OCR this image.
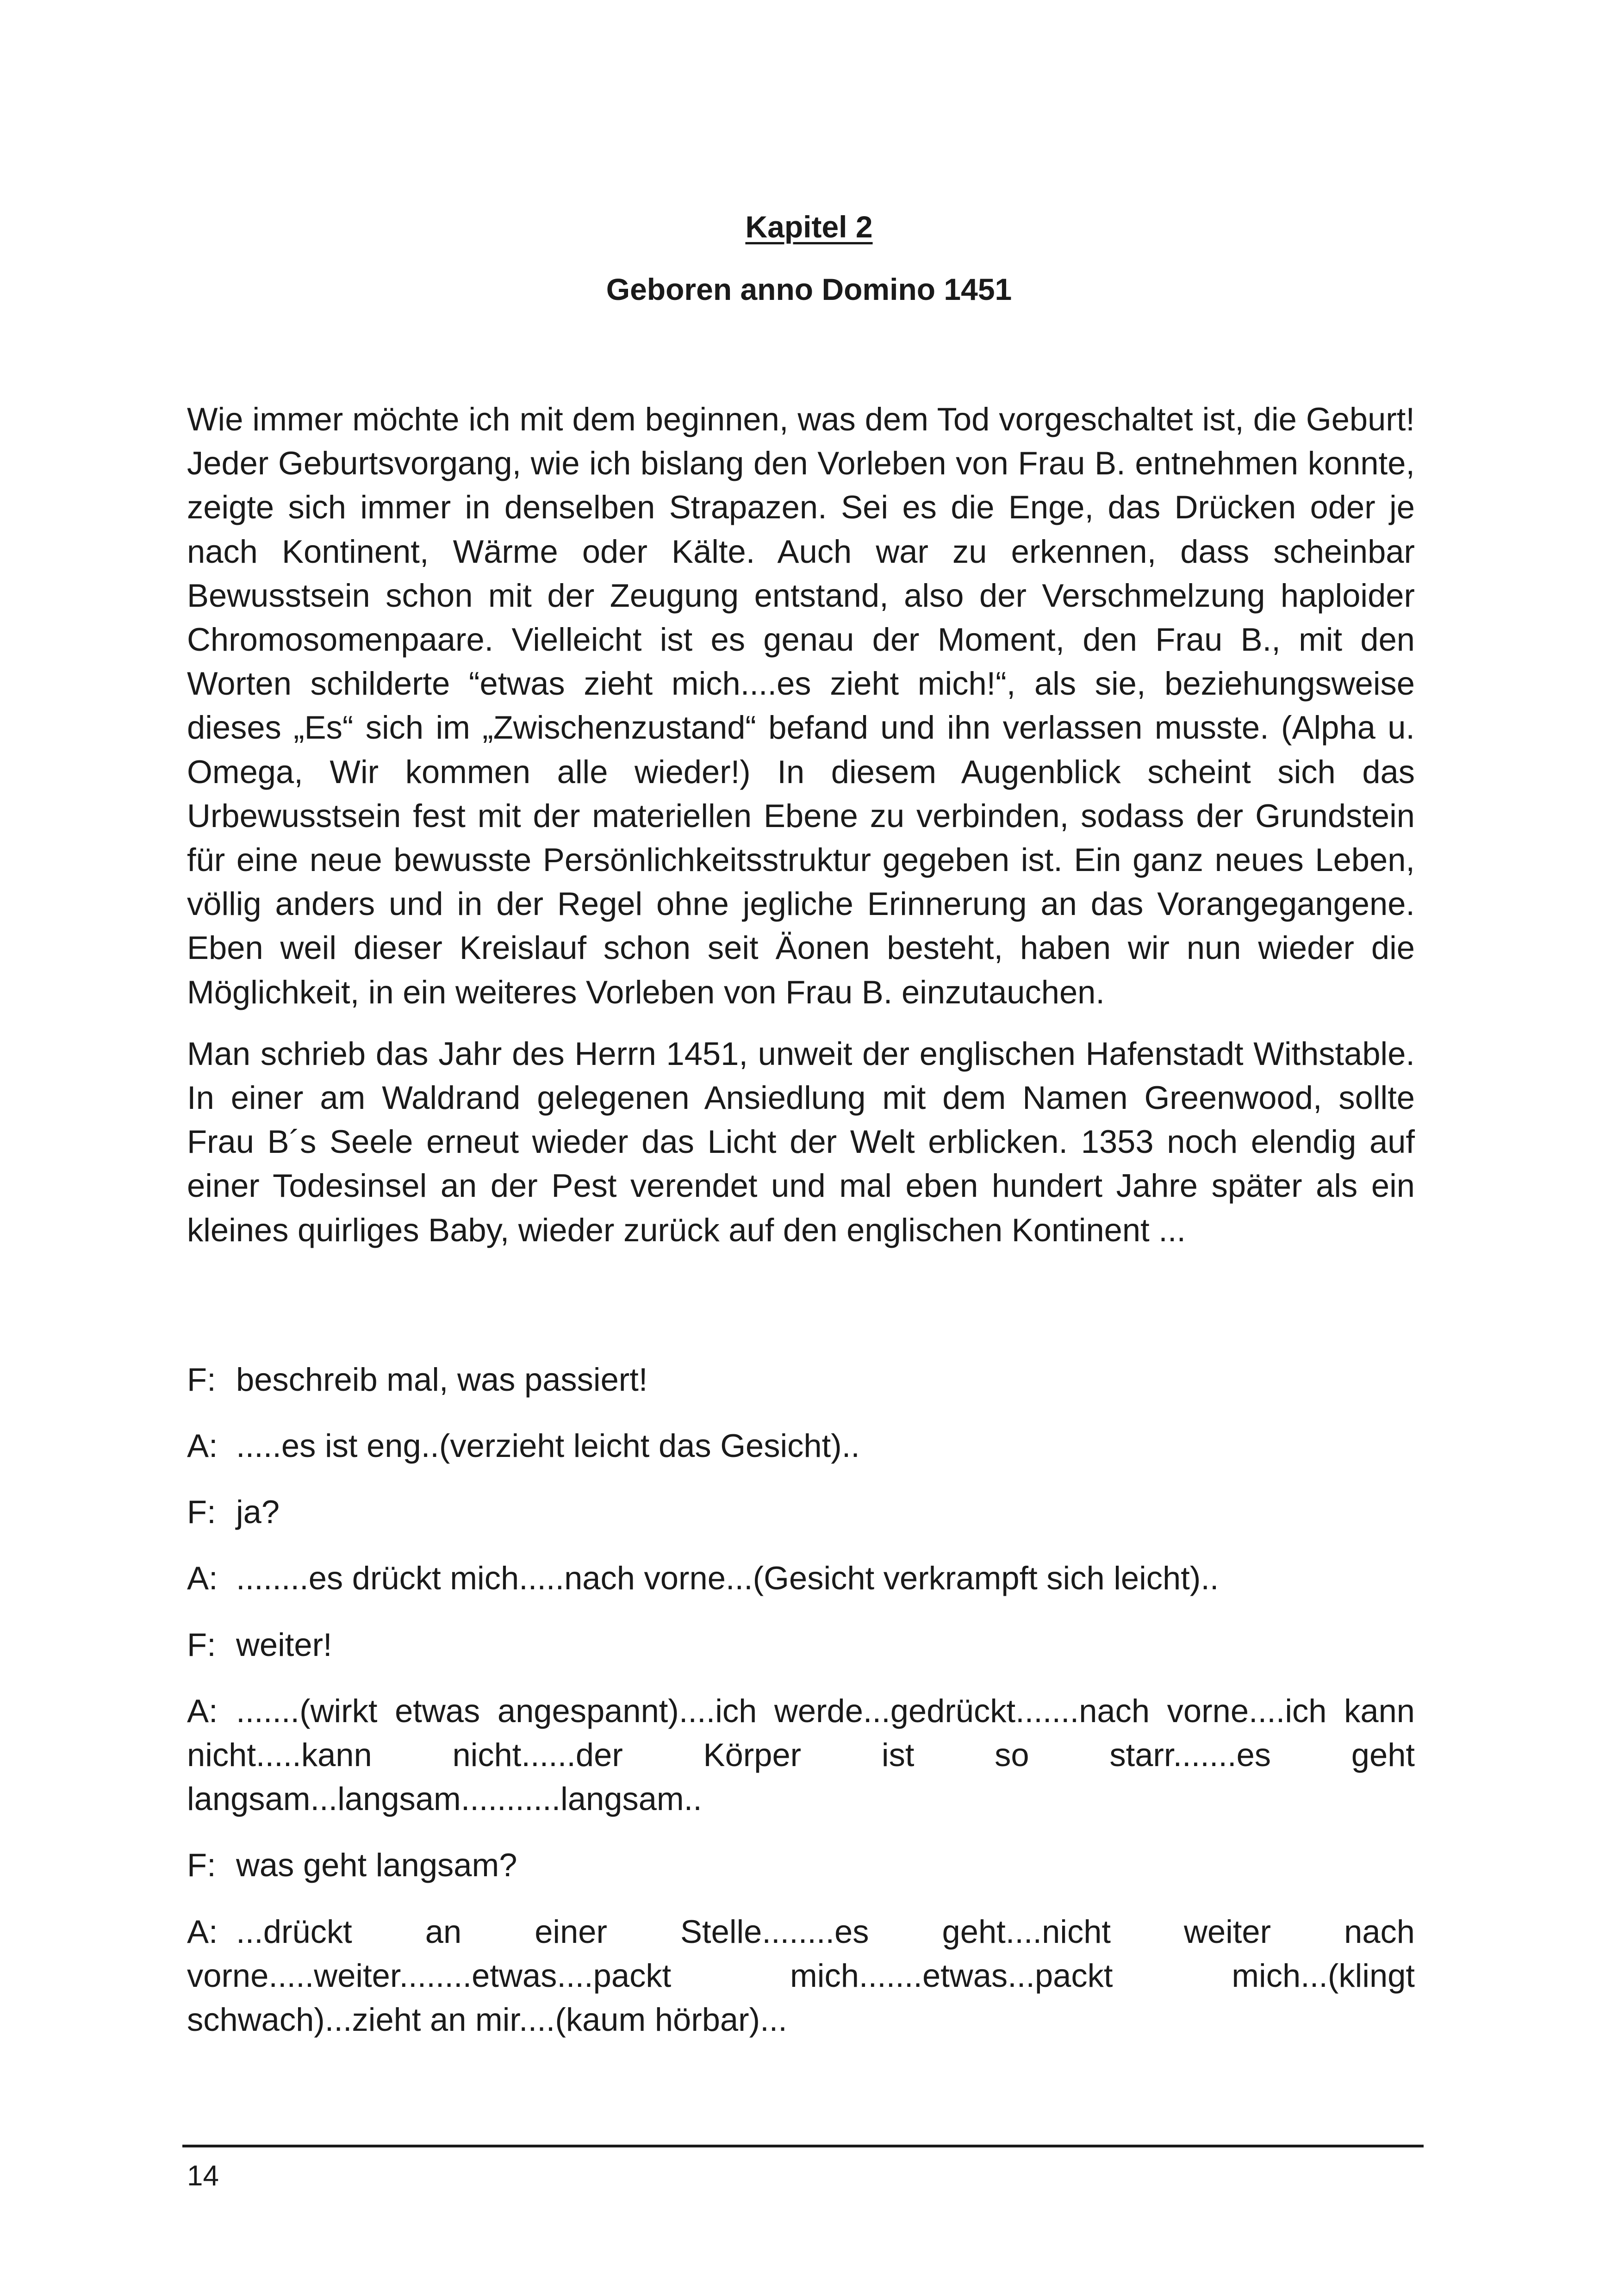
Kapitel 2
Geboren anno Domino 1451

Wie immer möchte ich mit dem beginnen, was dem Tod vorgeschaltet ist, die Geburt! Jeder Geburtsvorgang, wie ich bislang den Vorleben von Frau B. entnehmen konnte, zeigte sich immer in denselben Strapazen. Sei es die Enge, das Drücken oder je nach Kontinent, Wärme oder Kälte. Auch war zu erkennen, dass scheinbar Bewusstsein schon mit der Zeugung entstand, also der Verschmelzung haploider Chromosomenpaare. Vielleicht ist es genau der Moment, den Frau B., mit den Worten schilderte “etwas zieht mich....es zieht mich!“, als sie, beziehungsweise dieses „Es“ sich im „Zwischenzustand“ befand und ihn verlassen musste. (Alpha u. Omega, Wir kommen alle wieder!) In diesem Augenblick scheint sich das Urbewusstsein fest mit der materiellen Ebene zu verbinden, sodass der Grundstein für eine neue bewusste Persönlichkeitsstruktur gegeben ist. Ein ganz neues Leben, völlig anders und in der Regel ohne jegliche Erinnerung an das Vorangegangene. Eben weil dieser Kreislauf schon seit Äonen besteht, haben wir nun wieder die Möglichkeit, in ein weiteres Vorleben von Frau B. einzutauchen.

Man schrieb das Jahr des Herrn 1451, unweit der englischen Hafenstadt Withstable. In einer am Waldrand gelegenen Ansiedlung mit dem Namen Greenwood, sollte Frau B´s Seele erneut wieder das Licht der Welt erblicken. 1353 noch elendig auf einer Todesinsel an der Pest verendet und mal eben hundert Jahre später als ein kleines quirliges Baby, wieder zurück auf den englischen Kontinent ...

F: beschreib mal, was passiert!

A: .....es ist eng..(verzieht leicht das Gesicht)..

F: ja?

A: ........es drückt mich.....nach vorne...(Gesicht verkrampft sich leicht)..

F: weiter!

A: .......(wirkt etwas angespannt)....ich werde...gedrückt.......nach vorne....ich kann nicht.....kann nicht......der Körper ist so starr.......es geht langsam...langsam...........langsam..

F: was geht langsam?

A: ...drückt an einer Stelle........es geht....nicht weiter nach vorne.....weiter........etwas....packt mich.......etwas...packt mich...(klingt schwach)...zieht an mir....(kaum hörbar)...

14
